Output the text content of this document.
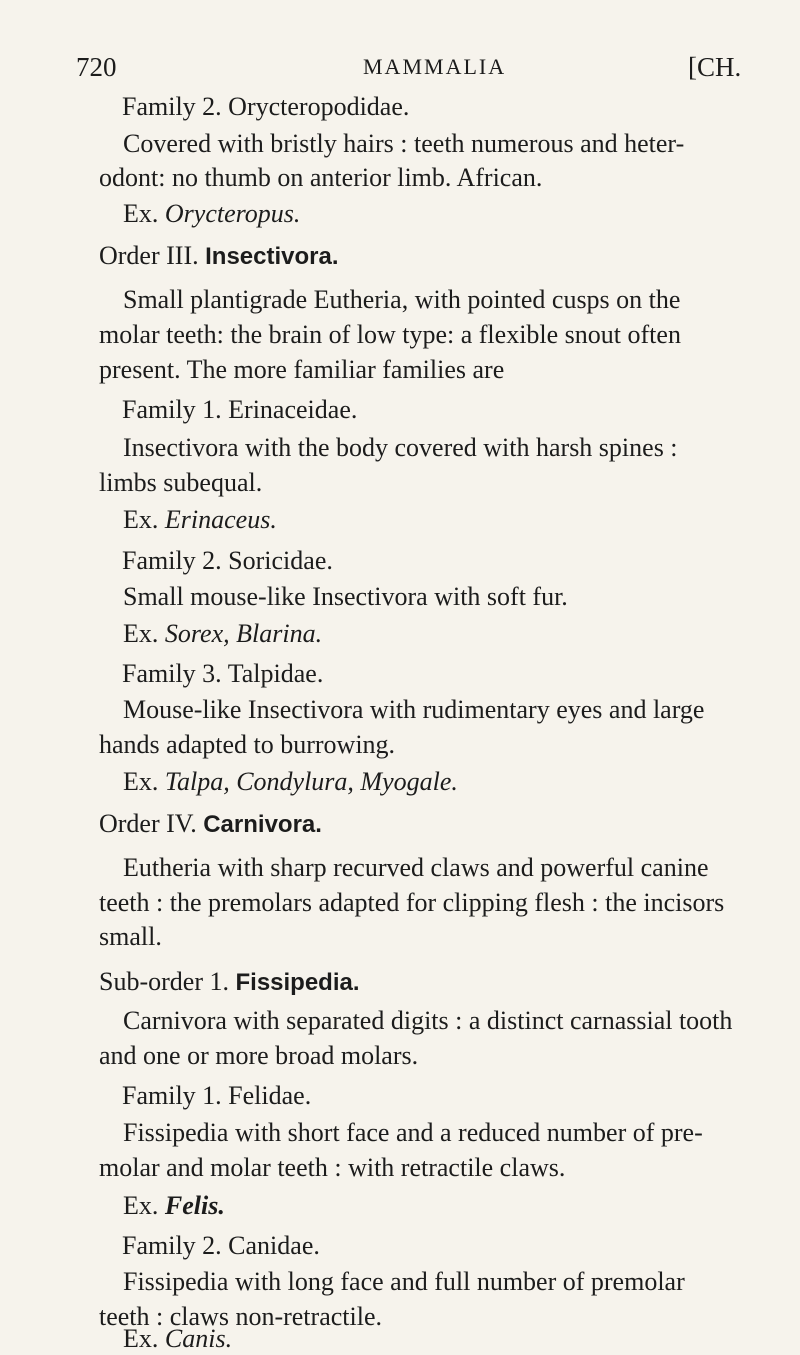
720	MAMMALIA	[CH.
Family 2. Orycteropodidae.
Covered with bristly hairs : teeth numerous and heter-
odont: no thumb on anterior limb. African.
Ex. Orycteropus.
Order III. Insectivora.
Small plantigrade Eutheria, with pointed cusps on the
molar teeth: the brain of low type: a flexible snout often
present. The more familiar families are
Family 1. Erinaceidae.
Insectivora with the body covered with harsh spines :
limbs subequal.
Ex. Erinaceus.
Family 2. Soricidae.
Small mouse-like Insectivora with soft fur.
Ex. Sorex, Blarina.
Family 3. Talpidae.
Mouse-like Insectivora with rudimentary eyes and large
hands adapted to burrowing.
Ex. Talpa, Condylura, Myogale.
Order IV. Carnivora.
Eutheria with sharp recurved claws and powerful canine
teeth : the premolars adapted for clipping flesh : the incisors
small.
Sub-order 1. Fissipedia.
Carnivora with separated digits : a distinct carnassial tooth
and one or more broad molars.
Family 1. Felidae.
Fissipedia with short face and a reduced number of pre-
molar and molar teeth : with retractile claws.
Ex. Felis.
Family 2. Canidae.
Fissipedia with long face and full number of premolar
teeth : claws non-retractile.
Ex. Canis.
